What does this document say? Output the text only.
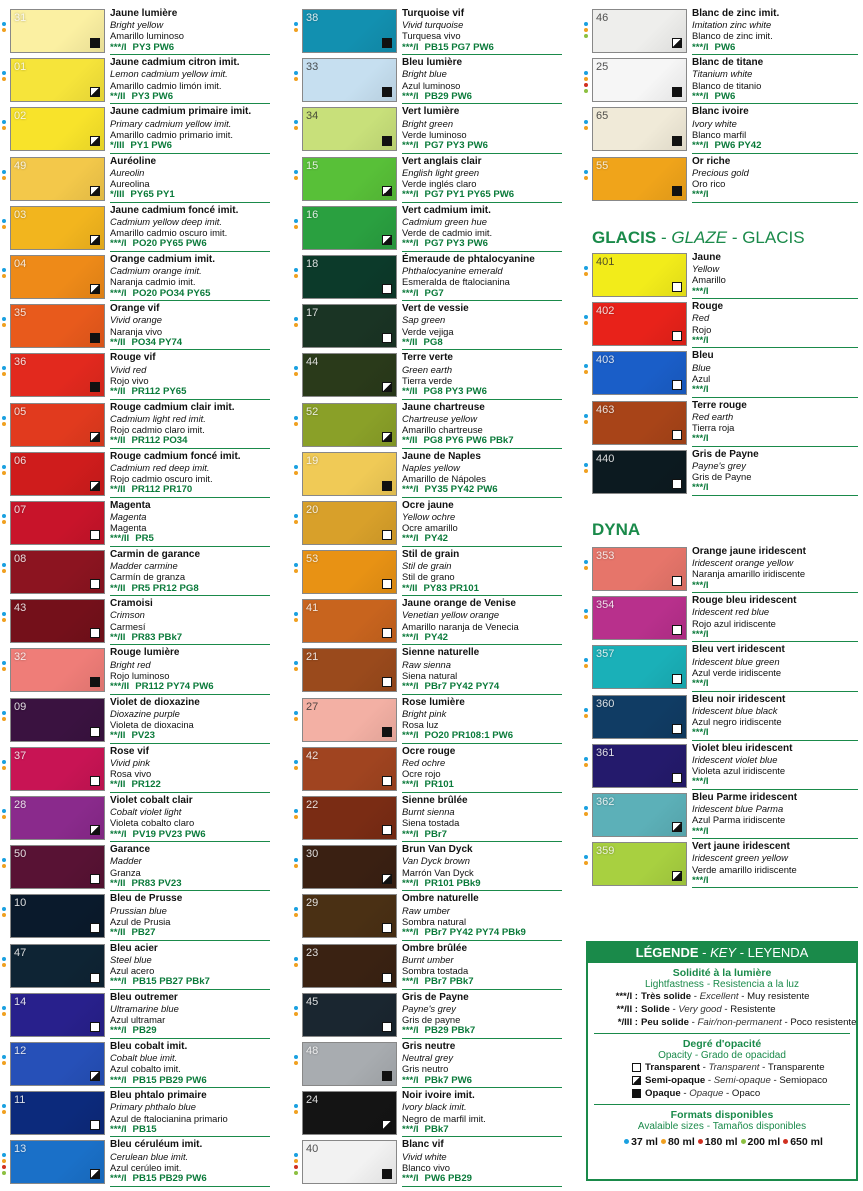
31	Jaune lumière
Bright yellow
Amarillo luminoso
***/I PY3 PW6
01	Jaune cadmium citron imit.
Lemon cadmium yellow imit.
Amarillo cadmio limón imit.
**/II PY3 PW6
02	Jaune cadmium primaire imit.
Primary cadmium yellow imit.
Amarillo cadmio primario imit.
*/III PY1 PW6
49	Auréoline
Aureolin
Aureolina
*/III PY65 PY1
03	Jaune cadmium foncé imit.
Cadmium yellow deep imit.
Amarillo cadmio oscuro imit.
***/I PO20 PY65 PW6
04	Orange cadmium imit.
Cadmium orange imit.
Naranja cadmio imit.
***/I PO20 PO34 PY65
35	Orange vif
Vivid orange
Naranja vivo
**/II PO34 PY74
36	Rouge vif
Vivid red
Rojo vivo
**/II PR112 PY65
05	Rouge cadmium clair imit.
Cadmium light red imit.
Rojo cadmio claro imit.
**/II PR112 PO34
06	Rouge cadmium foncé imit.
Cadmium red deep imit.
Rojo cadmio oscuro imit.
**/II PR112 PR170
07	Magenta
Magenta
Magenta
***/II PR5
08	Carmin de garance
Madder carmine
Carmín de granza
**/II PR5 PR12 PG8
43	Cramoisi
Crimson
Carmesí
**/II PR83 PBk7
32	Rouge lumière
Bright red
Rojo luminoso
***/II PR112 PY74 PW6
09	Violet de dioxazine
Dioxazine purple
Violeta de dioxacina
**/II PV23
37	Rose vif
Vivid pink
Rosa vivo
**/II PR122
28	Violet cobalt clair
Cobalt violet light
Violeta cobalto claro
***/I PV19 PV23 PW6
50	Garance
Madder
Granza
**/II PR83 PV23
10	Bleu de Prusse
Prussian blue
Azul de Prusia
**/II PB27
47	Bleu acier
Steel blue
Azul acero
***/I PB15 PB27 PBk7
14	Bleu outremer
Ultramarine blue
Azul ultramar
***/I PB29
12	Bleu cobalt imit.
Cobalt blue imit.
Azul cobalto imit.
***/I PB15 PB29 PW6
11	Bleu phtalo primaire
Primary phthalo blue
Azul de ftalocianina primario
***/I PB15
13	Bleu céruléum imit.
Cerulean blue imit.
Azul cerúleo imit.
***/I PB15 PB29 PW6
38	Turquoise vif
Vivid turquoise
Turquesa vivo
***/I PB15 PG7 PW6
33	Bleu lumière
Bright blue
Azul luminoso
***/I PB29 PW6
34	Vert lumière
Bright green
Verde luminoso
***/I PG7 PY3 PW6
15	Vert anglais clair
English light green
Verde inglés claro
***/I PG7 PY1 PY65 PW6
16	Vert cadmium imit.
Cadmium green hue
Verde de cadmio imit.
***/I PG7 PY3 PW6
18	Émeraude de phtalocyanine
Phthalocyanine emerald
Esmeralda de ftalocianina
***/I PG7
17	Vert de vessie
Sap green
Verde vejiga
**/II PG8
44	Terre verte
Green earth
Tierra verde
**/II PG8 PY3 PW6
52	Jaune chartreuse
Chartreuse yellow
Amarillo chartreuse
**/II PG8 PY6 PW6 PBk7
19	Jaune de Naples
Naples yellow
Amarillo de Nápoles
***/I PY35 PY42 PW6
20	Ocre jaune
Yellow ochre
Ocre amarillo
***/I PY42
53	Stil de grain
Stil de grain
Stil de grano
**/II PY83 PR101
41	Jaune orange de Venise
Venetian yellow orange
Amarillo naranja de Venecia
***/I PY42
21	Sienne naturelle
Raw sienna
Siena natural
***/I PBr7 PY42 PY74
27	Rose lumière
Bright pink
Rosa luz
***/I PO20 PR108:1 PW6
42	Ocre rouge
Red ochre
Ocre rojo
***/I PR101
22	Sienne brûlée
Burnt sienna
Siena tostada
***/I PBr7
30	Brun Van Dyck
Van Dyck brown
Marrón Van Dyck
***/I PR101 PBk9
29	Ombre naturelle
Raw umber
Sombra natural
***/I PBr7 PY42 PY74 PBk9
23	Ombre brûlée
Burnt umber
Sombra tostada
***/I PBr7 PBk7
45	Gris de Payne
Payne's grey
Gris de payne
***/I PB29 PBk7
48	Gris neutre
Neutral grey
Gris neutro
***/I PBk7 PW6
24	Noir ivoire imit.
Ivory black imit.
Negro de marfil imit.
***/I PBk7
40	Blanc vif
Vivid white
Blanco vivo
***/I PW6 PB29
46	Blanc de zinc imit.
Imitation zinc white
Blanco de zinc imit.
***/I PW6
25	Blanc de titane
Titanium white
Blanco de titanio
***/I PW6
65	Blanc ivoire
Ivory white
Blanco marfil
***/I PW6 PY42
55	Or riche
Precious gold
Oro rico
***/I
GLACIS - GLAZE - GLACIS
401	Jaune
Yellow
Amarillo
***/I
402	Rouge
Red
Rojo
***/I
403	Bleu
Blue
Azul
***/I
463	Terre rouge
Red earth
Tierra roja
***/I
440	Gris de Payne
Payne's grey
Gris de Payne
***/I
DYNA
353	Orange jaune iridescent
Iridescent orange yellow
Naranja amarillo iridiscente
***/I
354	Rouge bleu iridescent
Iridescent red blue
Rojo azul iridiscente
***/I
357	Bleu vert iridescent
Iridescent blue green
Azul verde iridiscente
***/I
360	Bleu noir iridescent
Iridescent blue black
Azul negro iridiscente
***/I
361	Violet bleu iridescent
Iridescent violet blue
Violeta azul iridiscente
***/I
362	Bleu Parme iridescent
Iridescent blue Parma
Azul Parma iridiscente
***/I
359	Vert jaune iridescent
Iridescent green yellow
Verde amarillo iridiscente
***/I
LÉGENDE - KEY - LEYENDA
Solidité à la lumière
Lightfastness - Resistencia a la luz
***/I : Très solide - Excellent - Muy resistente
**/II : Solide - Very good - Resistente
*/III : Peu solide - Fair/non-permanent - Poco resistente
Degré d'opacité
Opacity - Grado de opacidad
Transparent - Transparent - Transparente
Semi-opaque - Semi-opaque - Semiopaco
Opaque - Opaque - Opaco
Formats disponibles
Avalaible sizes - Tamaños disponibles
37 ml 80 ml 180 ml 200 ml 650 ml
